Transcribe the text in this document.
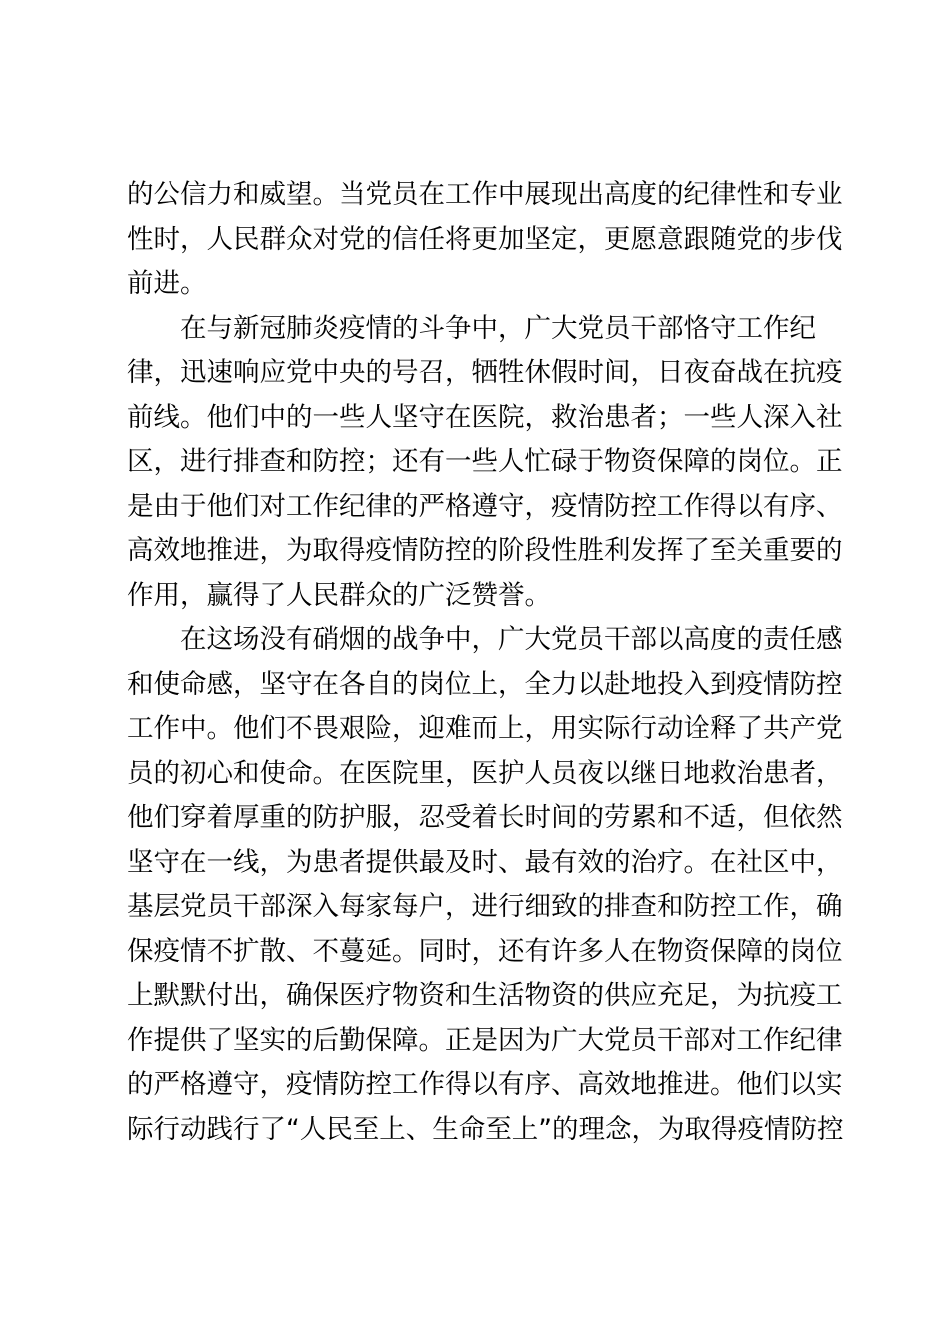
的公信力和威望。当党员在工作中展现出高度的纪律性和专业
性时，人民群众对党的信任将更加坚定，更愿意跟随党的步伐
前进。
　　在与新冠肺炎疫情的斗争中，广大党员干部恪守工作纪
律，迅速响应党中央的号召，牺牲休假时间，日夜奋战在抗疫
前线。他们中的一些人坚守在医院，救治患者；一些人深入社
区，进行排查和防控；还有一些人忙碌于物资保障的岗位。正
是由于他们对工作纪律的严格遵守，疫情防控工作得以有序、
高效地推进，为取得疫情防控的阶段性胜利发挥了至关重要的
作用，赢得了人民群众的广泛赞誉。
　　在这场没有硝烟的战争中，广大党员干部以高度的责任感
和使命感，坚守在各自的岗位上，全力以赴地投入到疫情防控
工作中。他们不畏艰险，迎难而上，用实际行动诠释了共产党
员的初心和使命。在医院里，医护人员夜以继日地救治患者，
他们穿着厚重的防护服，忍受着长时间的劳累和不适，但依然
坚守在一线，为患者提供最及时、最有效的治疗。在社区中，
基层党员干部深入每家每户，进行细致的排查和防控工作，确
保疫情不扩散、不蔓延。同时，还有许多人在物资保障的岗位
上默默付出，确保医疗物资和生活物资的供应充足，为抗疫工
作提供了坚实的后勤保障。正是因为广大党员干部对工作纪律
的严格遵守，疫情防控工作得以有序、高效地推进。他们以实
际行动践行了“人民至上、生命至上”的理念，为取得疫情防控
